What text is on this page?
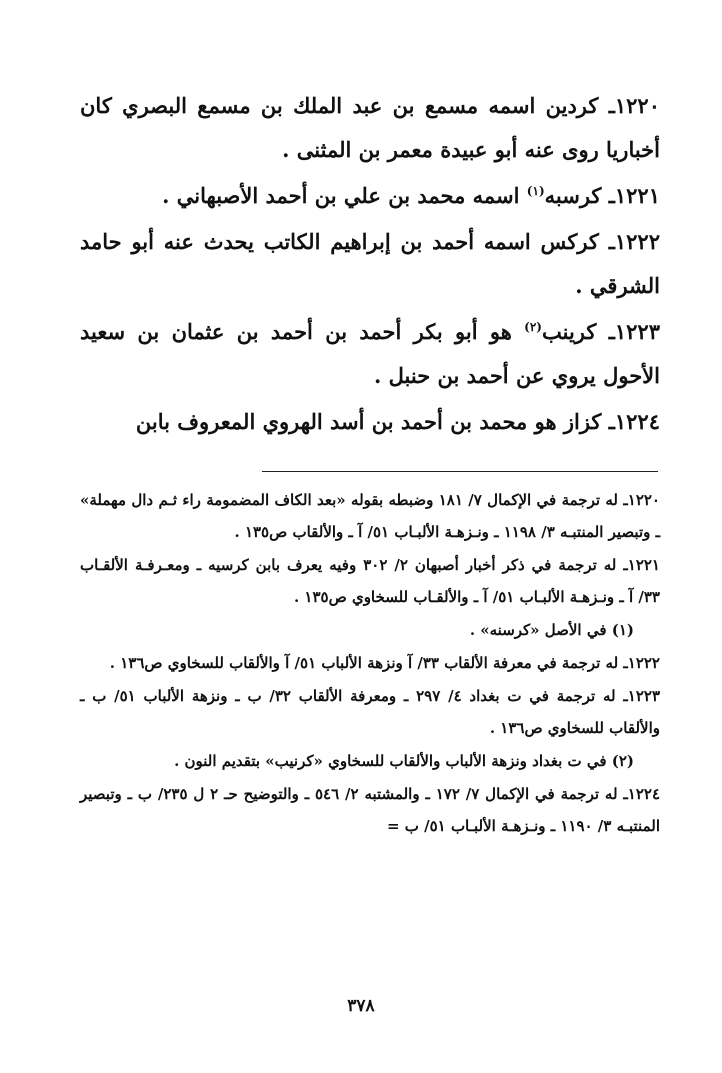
١٢٢٠ـ كردين اسمه مسمع بن عبد الملك بن مسمع البصري كان أخباريا روى عنه أبو عبيدة معمر بن المثنى .

١٢٢١ـ كرسبه$^{(١)}$ اسمه محمد بن علي بن أحمد الأصبهاني .

١٢٢٢ـ كركس اسمه أحمد بن إبراهيم الكاتب يحدث عنه أبو حامد الشرقي .

١٢٢٣ـ كرينب$^{(٢)}$ هو أبو بكر أحمد بن أحمد بن عثمان بن سعيد الأحول يروي عن أحمد بن حنبل .

١٢٢٤ـ كزاز هو محمد بن أحمد بن أسد الهروي المعروف بابن

١٢٢٠ـ له ترجمة في الإكمال ٧/ ١٨١ وضبطه بقوله «بعد الكاف المضمومة راء ثـم دال مهملة» ـ وتبصير المنتبـه ٣/ ١١٩٨ ـ ونـزهـة الألبـاب ٥١/ آ ـ والألقاب ص١٣٥ .

١٢٢١ـ له ترجمة في ذكر أخبار أصبهان ٢/ ٣٠٢ وفيه يعرف بابن كرسيه ـ ومعـرفـة الألقـاب ٣٣/ آ ـ ونـزهـة الألبـاب ٥١/ آ ـ والألقـاب للسخاوي ص١٣٥ .

(١) في الأصل «كرسنه» .

١٢٢٢ـ له ترجمة في معرفة الألقاب ٣٣/ آ ونزهة الألباب ٥١/ آ والألقاب للسخاوي ص١٣٦ .

١٢٢٣ـ له ترجمة في ت بغداد ٤/ ٢٩٧ ـ ومعرفة الألقاب ٣٢/ ب ـ ونزهة الألباب ٥١/ ب ـ والألقاب للسخاوي ص١٣٦ .

(٢) في ت بغداد ونزهة الألباب والألقاب للسخاوي «كرنيب» بتقديم النون .

١٢٢٤ـ له ترجمة في الإكمال ٧/ ١٧٢ ـ والمشتبه ٢/ ٥٤٦ ـ والتوضيح حـ ٢ ل ٢٣٥/ ب ـ وتبصير المنتبـه ٣/ ١١٩٠ ـ ونـزهـة الألبـاب ٥١/ ب =

٣٧٨
